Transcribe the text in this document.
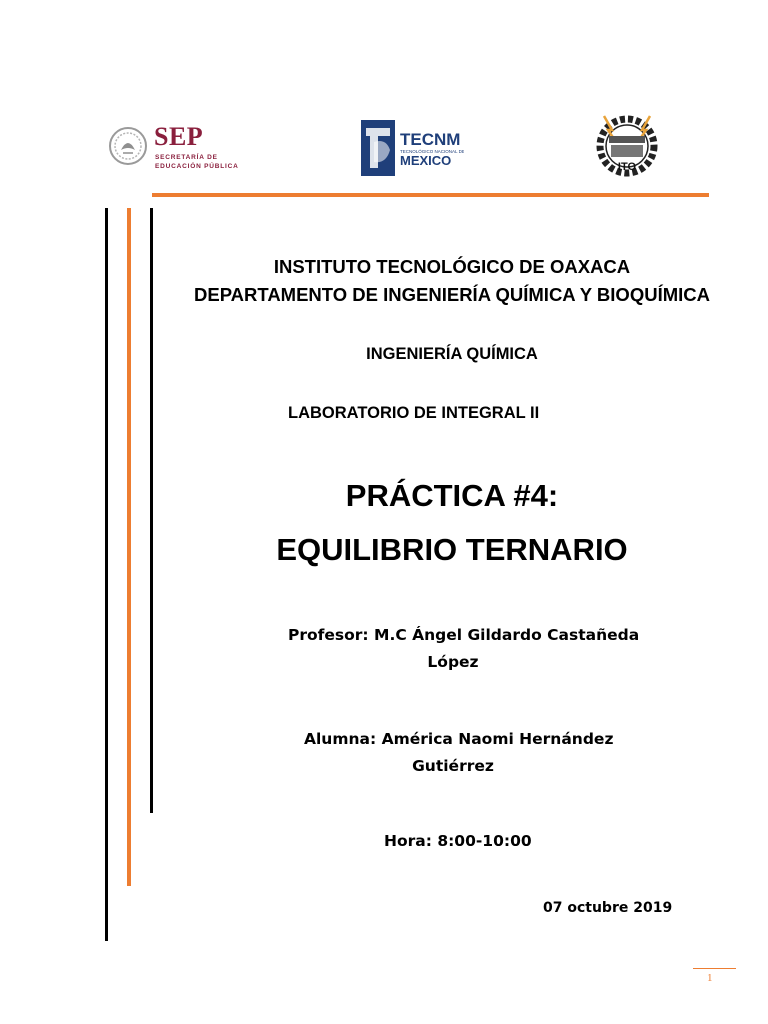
SEP
SECRETARÍA DE
EDUCACIÓN PÚBLICA
TECNM
TECNOLÓGICO NACIONAL DE
MEXICO	ITO
INSTITUTO TECNOLÓGICO DE OAXACA
DEPARTAMENTO DE INGENIERÍA QUÍMICA Y BIOQUÍMICA
INGENIERÍA QUÍMICA
LABORATORIO DE INTEGRAL II
PRÁCTICA #4:
EQUILIBRIO TERNARIO
Profesor: M.C Ángel Gildardo Castañeda
López
Alumna: América Naomi Hernández
Gutiérrez
Hora: 8:00-10:00
07 octubre 2019
1
